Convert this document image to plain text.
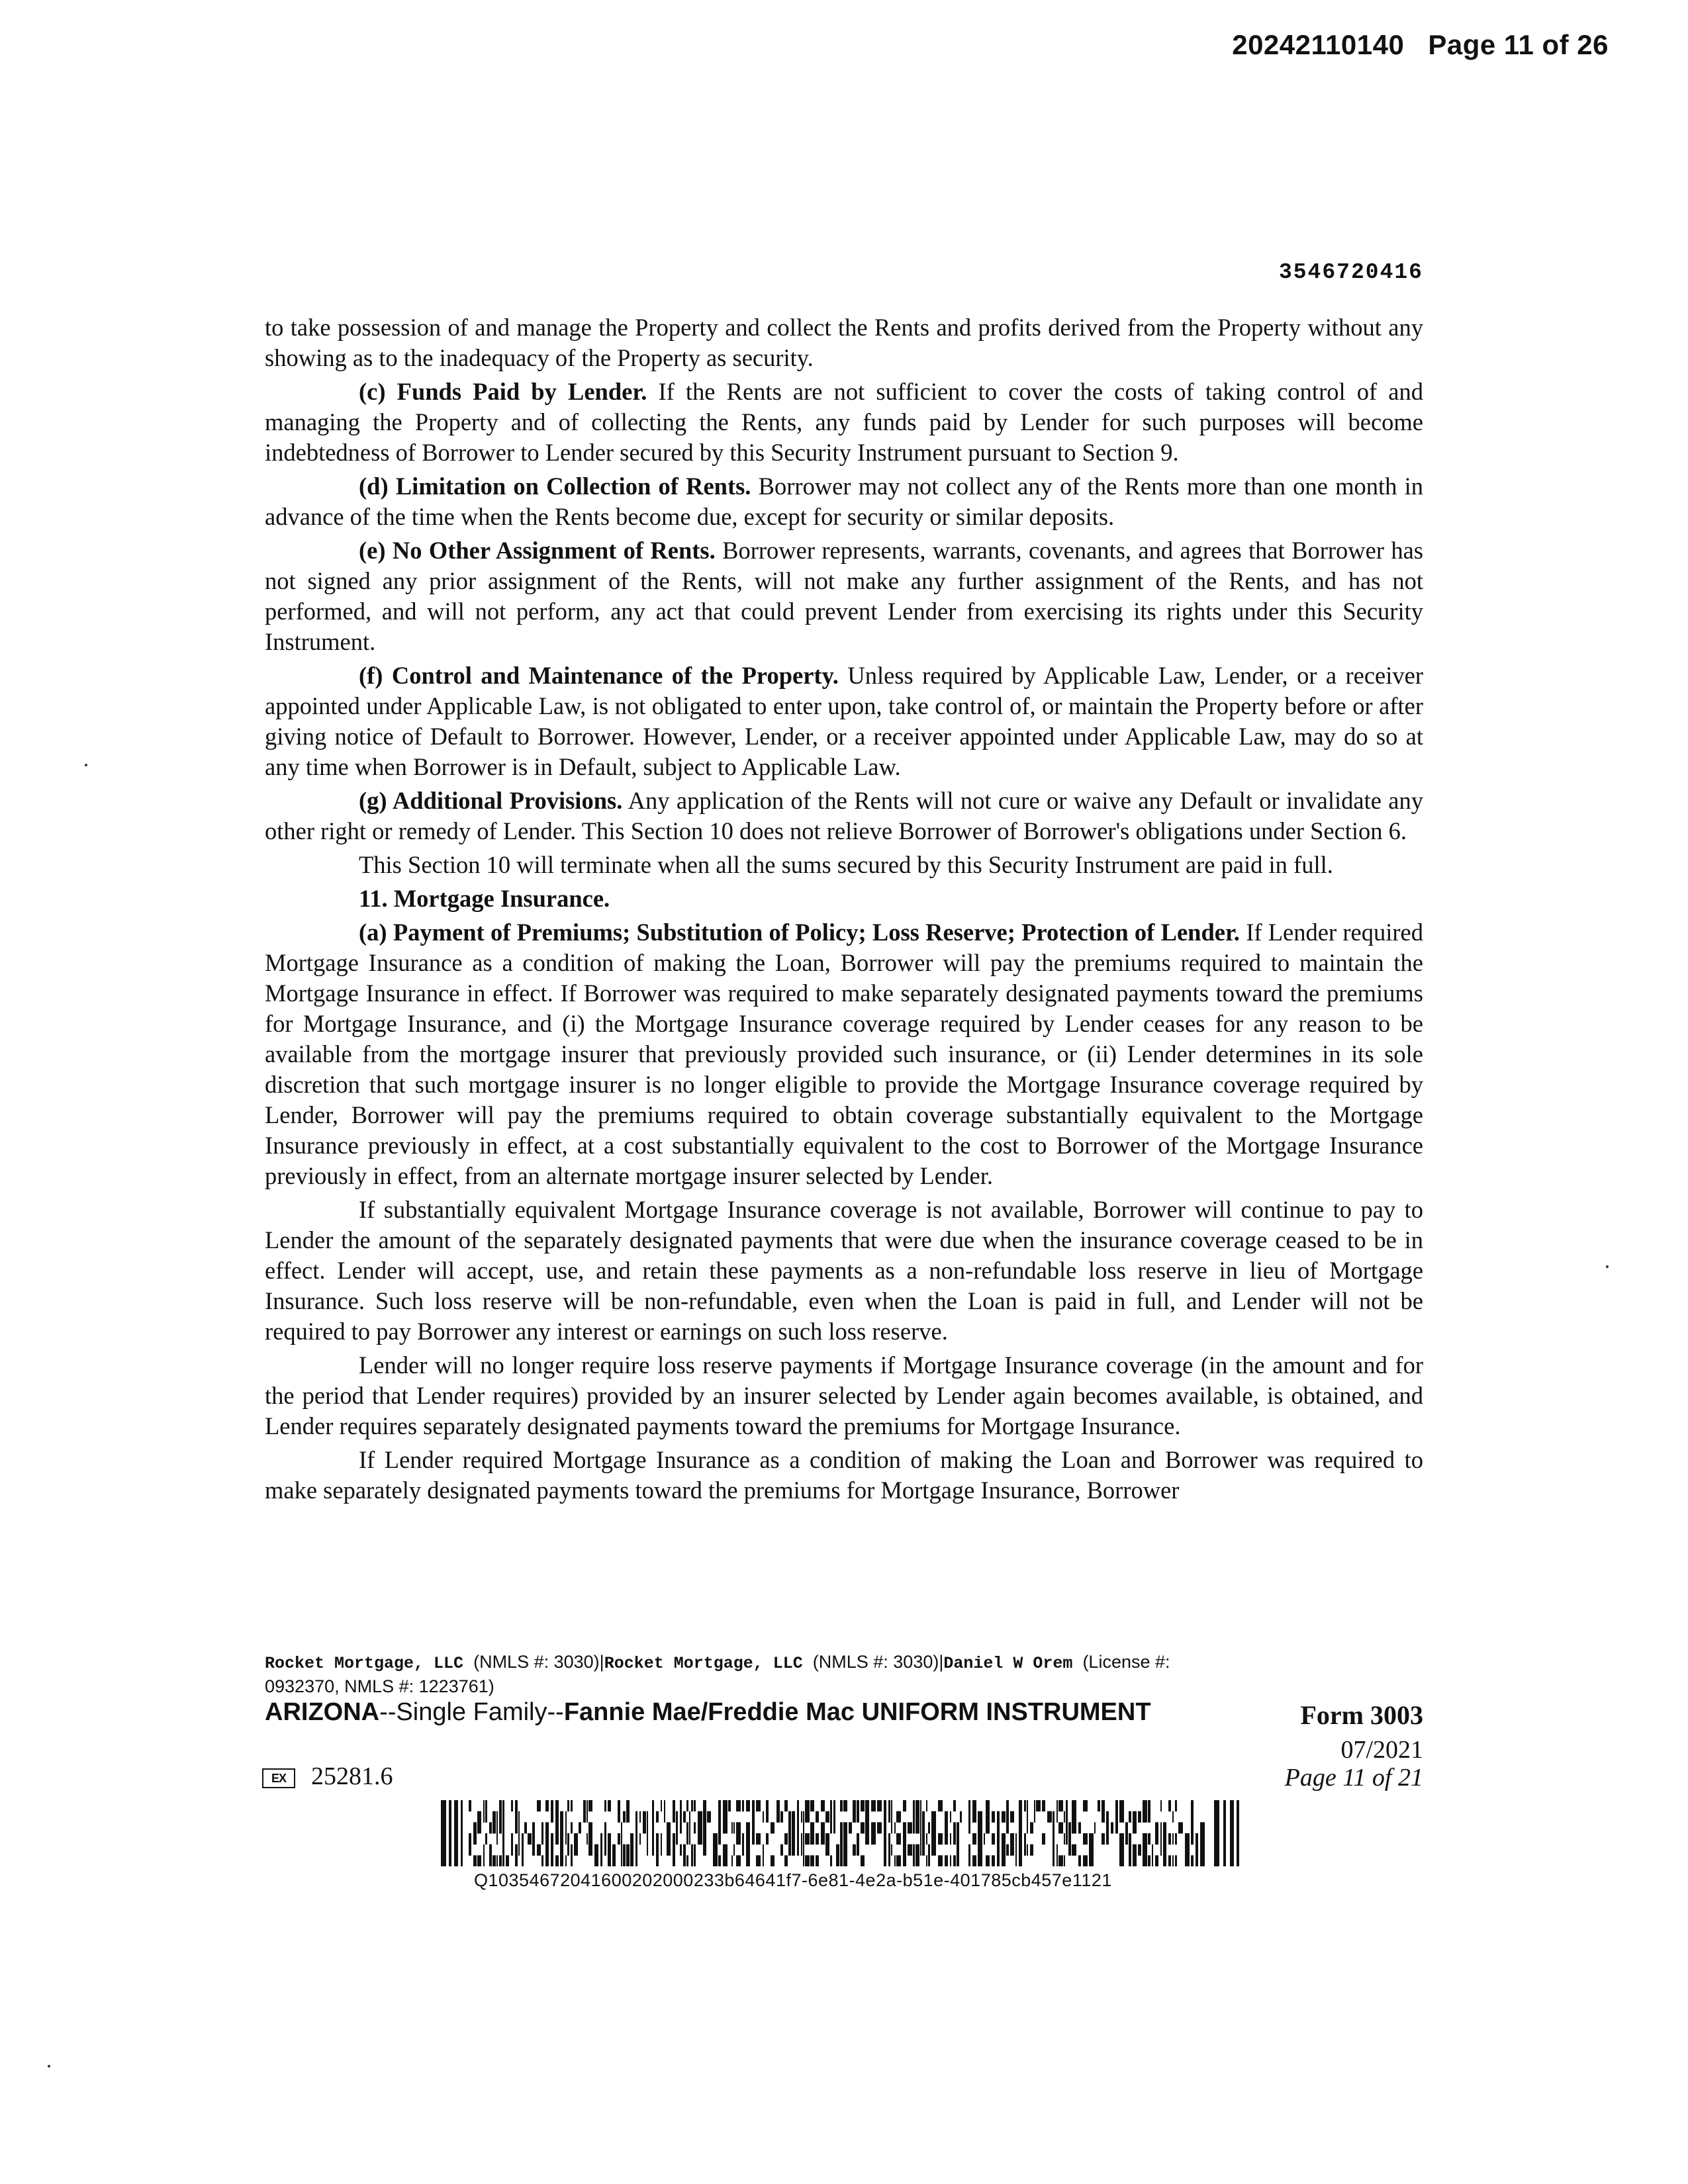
20242110140 Page 11 of 26
3546720416

to take possession of and manage the Property and collect the Rents and profits derived from the Property without any showing as to the inadequacy of the Property as security.

(c) Funds Paid by Lender. If the Rents are not sufficient to cover the costs of taking control of and managing the Property and of collecting the Rents, any funds paid by Lender for such purposes will become indebtedness of Borrower to Lender secured by this Security Instrument pursuant to Section 9.

(d) Limitation on Collection of Rents. Borrower may not collect any of the Rents more than one month in advance of the time when the Rents become due, except for security or similar deposits.

(e) No Other Assignment of Rents. Borrower represents, warrants, covenants, and agrees that Borrower has not signed any prior assignment of the Rents, will not make any further assignment of the Rents, and has not performed, and will not perform, any act that could prevent Lender from exercising its rights under this Security Instrument.

(f) Control and Maintenance of the Property. Unless required by Applicable Law, Lender, or a receiver appointed under Applicable Law, is not obligated to enter upon, take control of, or maintain the Property before or after giving notice of Default to Borrower. However, Lender, or a receiver appointed under Applicable Law, may do so at any time when Borrower is in Default, subject to Applicable Law.

(g) Additional Provisions. Any application of the Rents will not cure or waive any Default or invalidate any other right or remedy of Lender. This Section 10 does not relieve Borrower of Borrower's obligations under Section 6.

This Section 10 will terminate when all the sums secured by this Security Instrument are paid in full.

11. Mortgage Insurance.

(a) Payment of Premiums; Substitution of Policy; Loss Reserve; Protection of Lender. If Lender required Mortgage Insurance as a condition of making the Loan, Borrower will pay the premiums required to maintain the Mortgage Insurance in effect. If Borrower was required to make separately designated payments toward the premiums for Mortgage Insurance, and (i) the Mortgage Insurance coverage required by Lender ceases for any reason to be available from the mortgage insurer that previously provided such insurance, or (ii) Lender determines in its sole discretion that such mortgage insurer is no longer eligible to provide the Mortgage Insurance coverage required by Lender, Borrower will pay the premiums required to obtain coverage substantially equivalent to the Mortgage Insurance previously in effect, at a cost substantially equivalent to the cost to Borrower of the Mortgage Insurance previously in effect, from an alternate mortgage insurer selected by Lender.

If substantially equivalent Mortgage Insurance coverage is not available, Borrower will continue to pay to Lender the amount of the separately designated payments that were due when the insurance coverage ceased to be in effect. Lender will accept, use, and retain these payments as a non-refundable loss reserve in lieu of Mortgage Insurance. Such loss reserve will be non-refundable, even when the Loan is paid in full, and Lender will not be required to pay Borrower any interest or earnings on such loss reserve.

Lender will no longer require loss reserve payments if Mortgage Insurance coverage (in the amount and for the period that Lender requires) provided by an insurer selected by Lender again becomes available, is obtained, and Lender requires separately designated payments toward the premiums for Mortgage Insurance.

If Lender required Mortgage Insurance as a condition of making the Loan and Borrower was required to make separately designated payments toward the premiums for Mortgage Insurance, Borrower

Rocket Mortgage, LLC (NMLS #: 3030)|Rocket Mortgage, LLC (NMLS #: 3030)|Daniel W Orem (License #:
0932370, NMLS #: 1223761)
ARIZONA--Single Family--Fannie Mae/Freddie Mac UNIFORM INSTRUMENT	Form 3003
07/2021
Page 11 of 21
EX	25281.6
Q10354672041600202000233b64641f7-6e81-4e2a-b51e-401785cb457e1121
